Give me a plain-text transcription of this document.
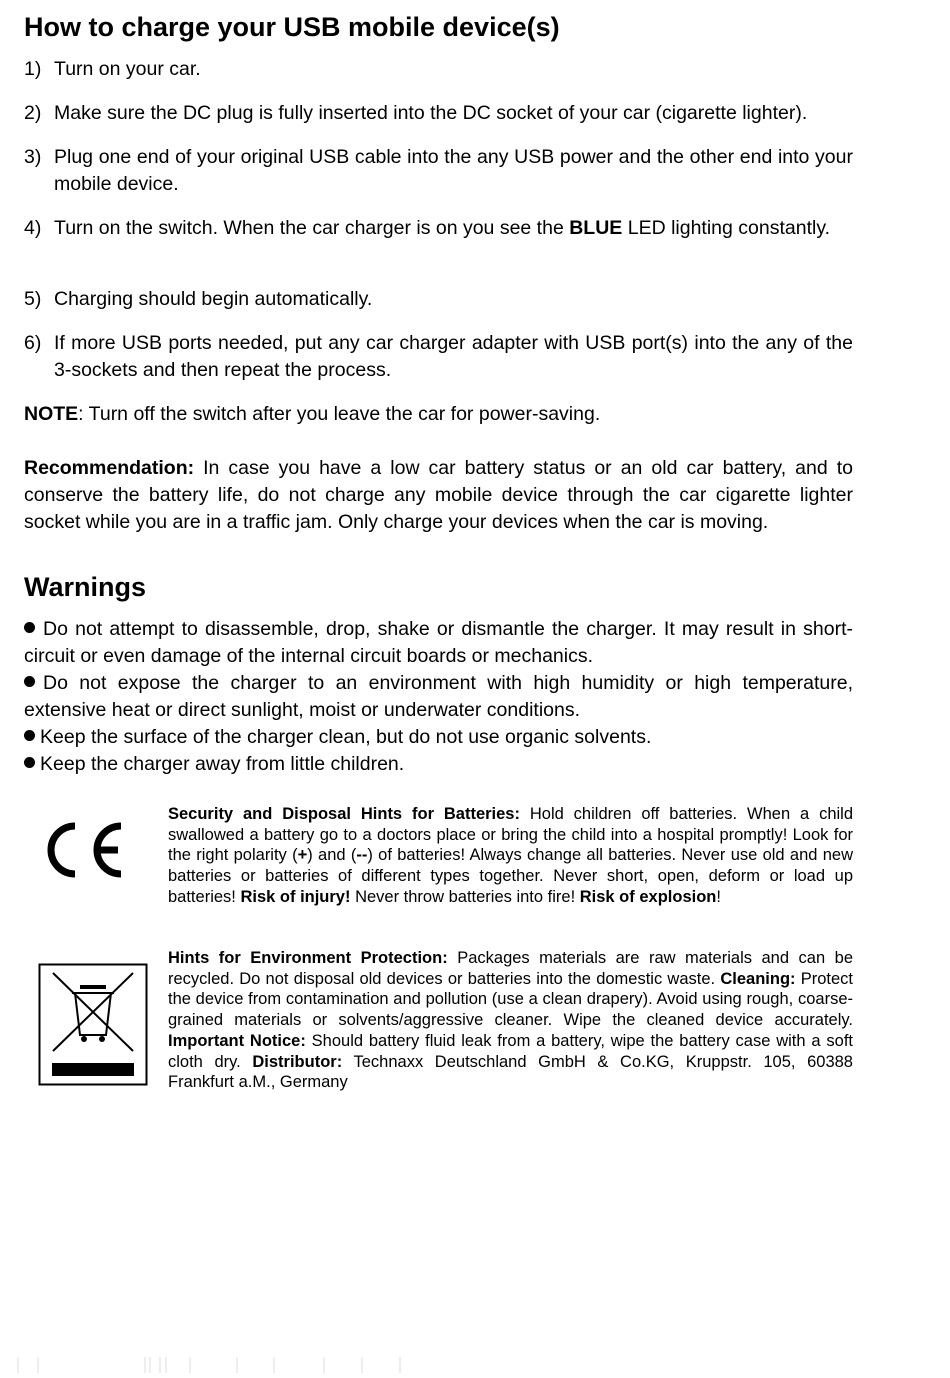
How to charge your USB mobile device(s)
1) Turn on your car.
2) Make sure the DC plug is fully inserted into the DC socket of your car (cigarette lighter).
3) Plug one end of your original USB cable into the any USB power and the other end into your mobile device.
4) Turn on the switch. When the car charger is on you see the BLUE LED lighting constantly.
5) Charging should begin automatically.
6) If more USB ports needed, put any car charger adapter with USB port(s) into the any of the 3-sockets and then repeat the process.
NOTE: Turn off the switch after you leave the car for power-saving.
Recommendation: In case you have a low car battery status or an old car battery, and to conserve the battery life, do not charge any mobile device through the car cigarette lighter socket while you are in a traffic jam. Only charge your devices when the car is moving.
Warnings
Do not attempt to disassemble, drop, shake or dismantle the charger. It may result in short-circuit or even damage of the internal circuit boards or mechanics.
Do not expose the charger to an environment with high humidity or high temperature, extensive heat or direct sunlight, moist or underwater conditions.
Keep the surface of the charger clean, but do not use organic solvents.
Keep the charger away from little children.
Security and Disposal Hints for Batteries: Hold children off batteries. When a child swallowed a battery go to a doctors place or bring the child into a hospital promptly! Look for the right polarity (+) and (--) of batteries! Always change all batteries. Never use old and new batteries or batteries of different types together. Never short, open, deform or load up batteries! Risk of injury! Never throw batteries into fire! Risk of explosion!
Hints for Environment Protection: Packages materials are raw materials and can be recycled. Do not disposal old devices or batteries into the domestic waste. Cleaning: Protect the device from contamination and pollution (use a clean drapery). Avoid using rough, coarse-grained materials or solvents/aggressive cleaner. Wipe the cleaned device accurately. Important Notice: Should battery fluid leak from a battery, wipe the battery case with a soft cloth dry. Distributor: Technaxx Deutschland GmbH & Co.KG, Kruppstr. 105, 60388 Frankfurt a.M., Germany
